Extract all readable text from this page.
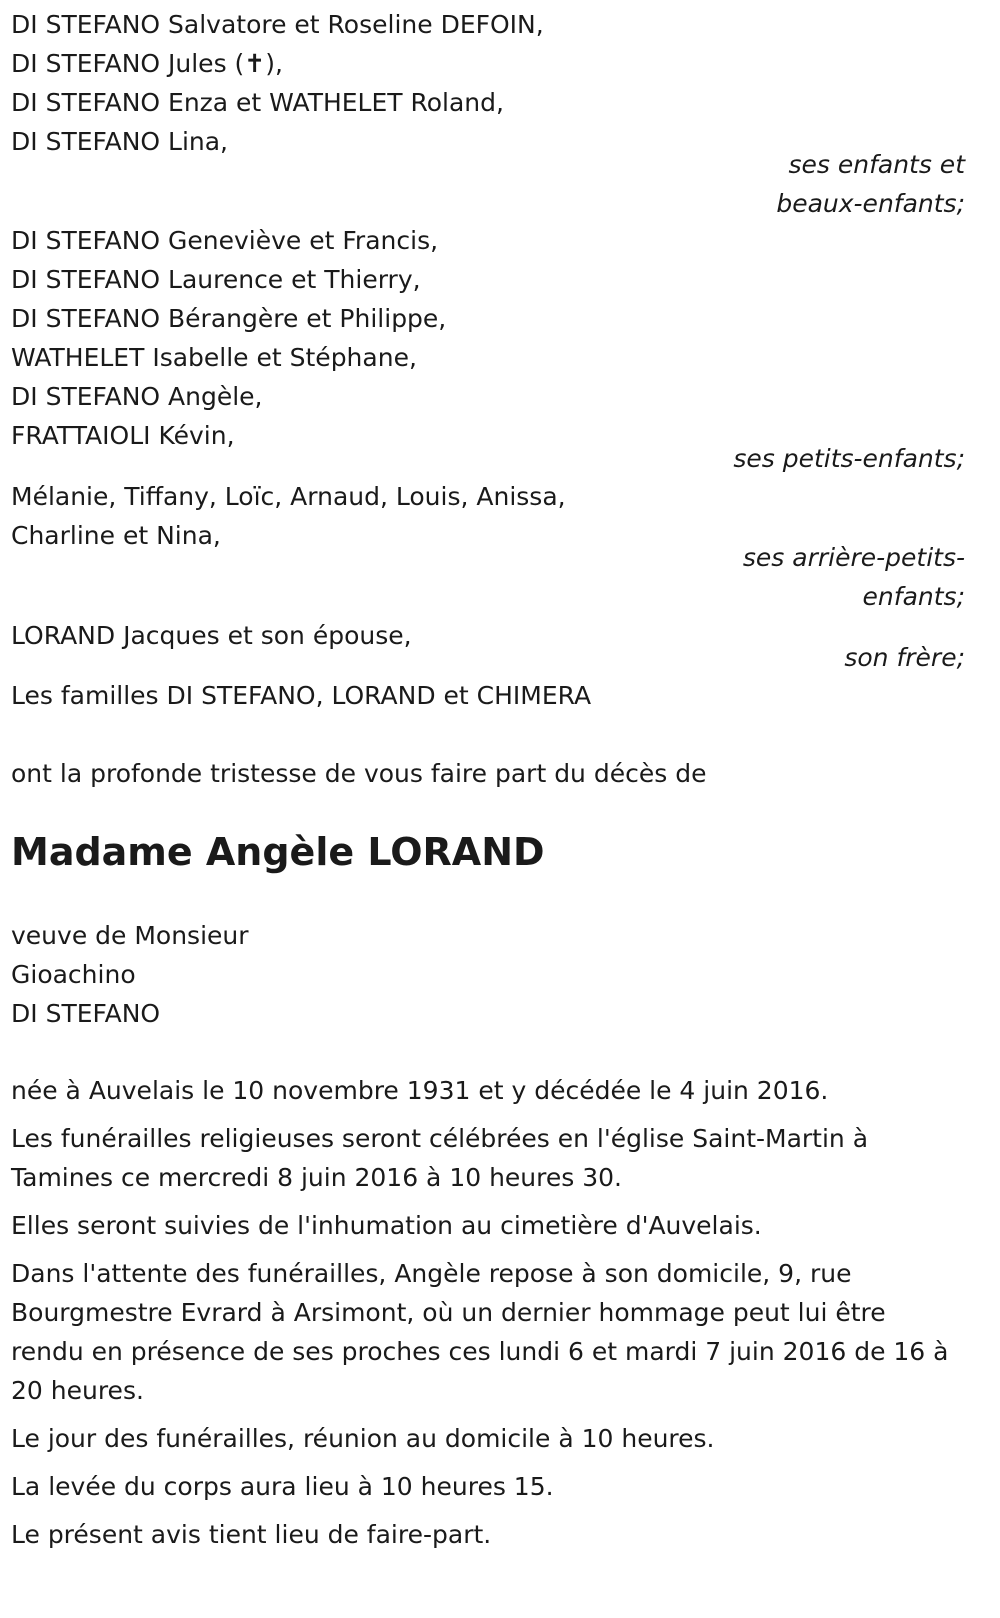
DI STEFANO Salvatore et Roseline DEFOIN,
DI STEFANO Jules (✝),
DI STEFANO Enza et WATHELET Roland,
DI STEFANO Lina,
ses enfants et
beaux-enfants;
DI STEFANO Geneviève et Francis,
DI STEFANO Laurence et Thierry,
DI STEFANO Bérangère et Philippe,
WATHELET Isabelle et Stéphane,
DI STEFANO Angèle,
FRATTAIOLI Kévin,
ses petits-enfants;
Mélanie, Tiffany, Loïc, Arnaud, Louis, Anissa,
Charline et Nina,
ses arrière-petits-
enfants;
LORAND Jacques et son épouse,
son frère;
Les familles DI STEFANO, LORAND et CHIMERA
ont la profonde tristesse de vous faire part du décès de
Madame Angèle LORAND
veuve de Monsieur
Gioachino
DI STEFANO
née à Auvelais le 10 novembre 1931 et y décédée le 4 juin 2016.
Les funérailles religieuses seront célébrées en l'église Saint-Martin à
Tamines ce mercredi 8 juin 2016 à 10 heures 30.
Elles seront suivies de l'inhumation au cimetière d'Auvelais.
Dans l'attente des funérailles, Angèle repose à son domicile, 9, rue
Bourgmestre Evrard à Arsimont, où un dernier hommage peut lui être
rendu en présence de ses proches ces lundi 6 et mardi 7 juin 2016 de 16 à
20 heures.
Le jour des funérailles, réunion au domicile à 10 heures.
La levée du corps aura lieu à 10 heures 15.
Le présent avis tient lieu de faire-part.
